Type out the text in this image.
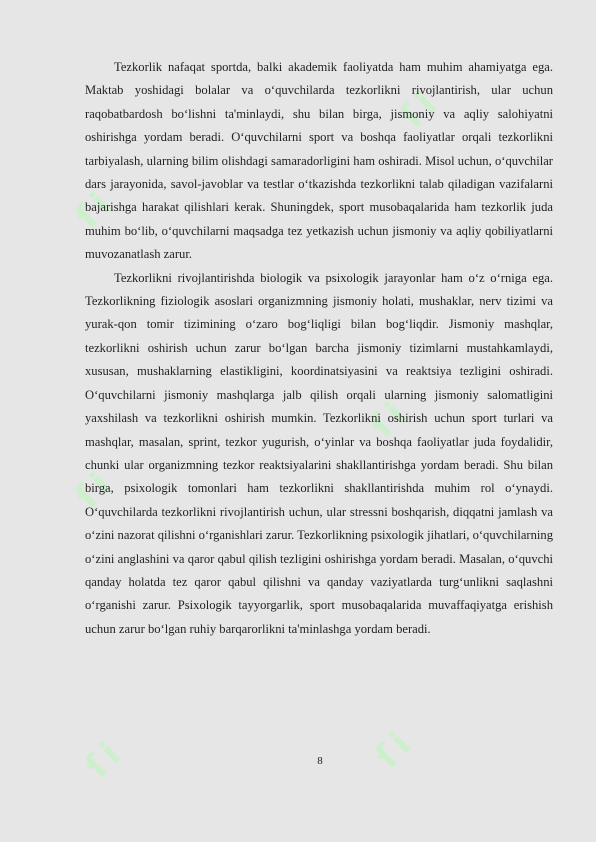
ſi
ſi
ſi
ſi
ſi	ſi

Tezkorlik nafaqat sportda, balki akademik faoliyatda ham muhim ahamiyatga ega. Maktab yoshidagi bolalar va oʻquvchilarda tezkorlikni rivojlantirish, ular uchun raqobatbardosh boʻlishni ta'minlaydi, shu bilan birga, jismoniy va aqliy salohiyatni oshirishga yordam beradi. Oʻquvchilarni sport va boshqa faoliyatlar orqali tezkorlikni tarbiyalash, ularning bilim olishdagi samaradorligini ham oshiradi. Misol uchun, oʻquvchilar dars jarayonida, savol-javoblar va testlar oʻtkazishda tezkorlikni talab qiladigan vazifalarni bajarishga harakat qilishlari kerak. Shuningdek, sport musobaqalarida ham tezkorlik juda muhim boʻlib, oʻquvchilarni maqsadga tez yetkazish uchun jismoniy va aqliy qobiliyatlarni muvozanatlash zarur.

Tezkorlikni rivojlantirishda biologik va psixologik jarayonlar ham oʻz oʻrniga ega. Tezkorlikning fiziologik asoslari organizmning jismoniy holati, mushaklar, nerv tizimi va yurak-qon tomir tizimining oʻzaro bogʻliqligi bilan bogʻliqdir. Jismoniy mashqlar, tezkorlikni oshirish uchun zarur boʻlgan barcha jismoniy tizimlarni mustahkamlaydi, xususan, mushaklarning elastikligini, koordinatsiyasini va reaktsiya tezligini oshiradi. Oʻquvchilarni jismoniy mashqlarga jalb qilish orqali ularning jismoniy salomatligini yaxshilash va tezkorlikni oshirish mumkin. Tezkorlikni oshirish uchun sport turlari va mashqlar, masalan, sprint, tezkor yugurish, oʻyinlar va boshqa faoliyatlar juda foydalidir, chunki ular organizmning tezkor reaktsiyalarini shakllantirishga yordam beradi. Shu bilan birga, psixologik tomonlari ham tezkorlikni shakllantirishda muhim rol oʻynaydi. Oʻquvchilarda tezkorlikni rivojlantirish uchun, ular stressni boshqarish, diqqatni jamlash va oʻzini nazorat qilishni oʻrganishlari zarur. Tezkorlikning psixologik jihatlari, oʻquvchilarning oʻzini anglashini va qaror qabul qilish tezligini oshirishga yordam beradi. Masalan, oʻquvchi qanday holatda tez qaror qabul qilishni va qanday vaziyatlarda turgʻunlikni saqlashni oʻrganishi zarur. Psixologik tayyorgarlik, sport musobaqalarida muvaffaqiyatga erishish uchun zarur boʻlgan ruhiy barqarorlikni ta'minlashga yordam beradi.

8
